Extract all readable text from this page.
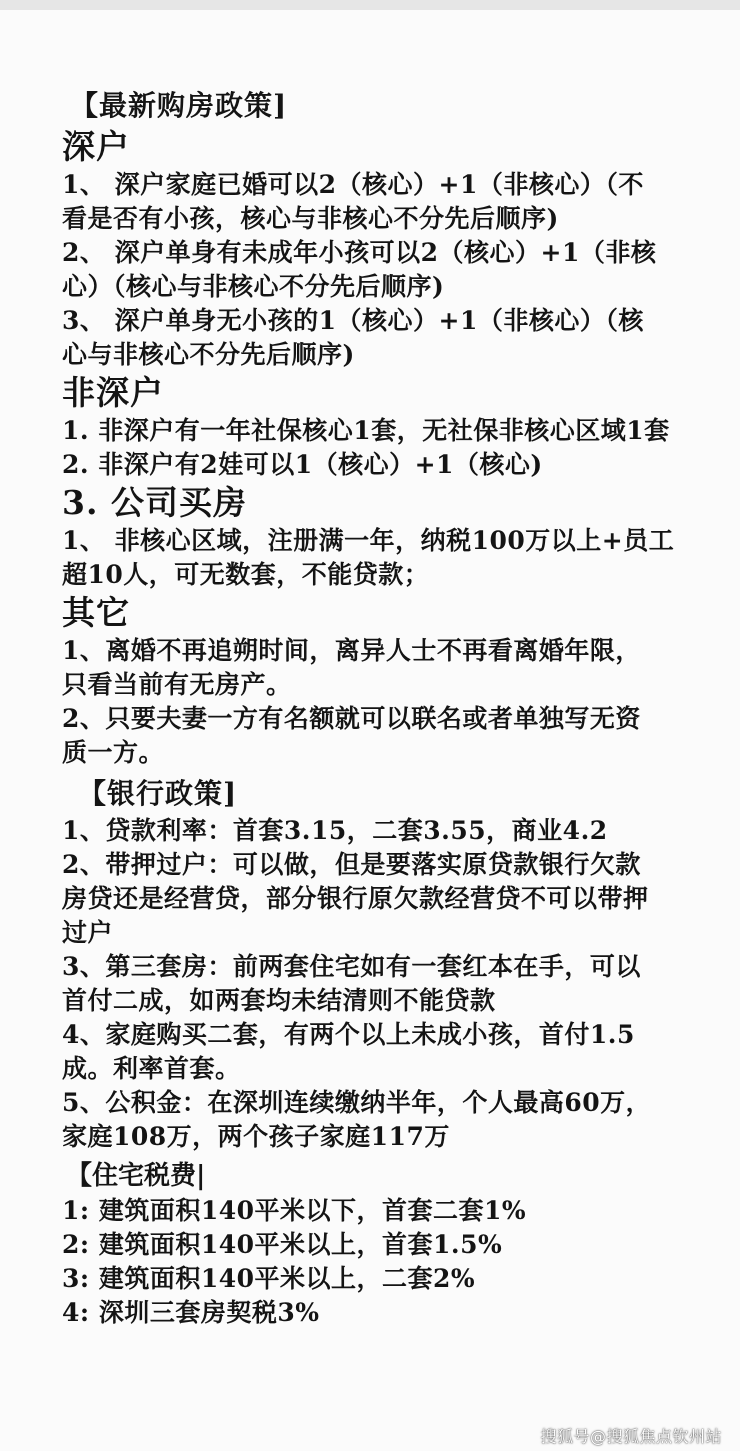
【最新购房政策]
深户
1、 深户家庭已婚可以2（核心）+1（非核心）（不
看是否有小孩，核心与非核心不分先后顺序)
2、 深户单身有未成年小孩可以2（核心）+1（非核
心）（核心与非核心不分先后顺序)
3、 深户单身无小孩的1（核心）+1（非核心）（核
心与非核心不分先后顺序)
非深户
1. 非深户有一年社保核心1套，无社保非核心区域1套
2. 非深户有2娃可以1（核心）+1（核心)
3. 公司买房
1、 非核心区域，注册满一年，纳税100万以上+员工
超10人，可无数套，不能贷款；
其它
1、离婚不再追朔时间，离异人士不再看离婚年限，
只看当前有无房产。
2、只要夫妻一方有名额就可以联名或者单独写无资
质一方。
【银行政策]
1、贷款利率：首套3.15，二套3.55，商业4.2
2、带押过户：可以做，但是要落实原贷款银行欠款
房贷还是经营贷，部分银行原欠款经营贷不可以带押
过户
3、第三套房：前两套住宅如有一套红本在手，可以
首付二成，如两套均未结清则不能贷款
4、家庭购买二套，有两个以上未成小孩，首付1.5
成。利率首套。
5、公积金：在深圳连续缴纳半年，个人最高60万，
家庭108万，两个孩子家庭117万
【住宅税费|
1: 建筑面积140平米以下，首套二套1%
2: 建筑面积140平米以上，首套1.5%
3: 建筑面积140平米以上，二套2%
4: 深圳三套房契税3%
搜狐号@搜狐焦点钦州站
